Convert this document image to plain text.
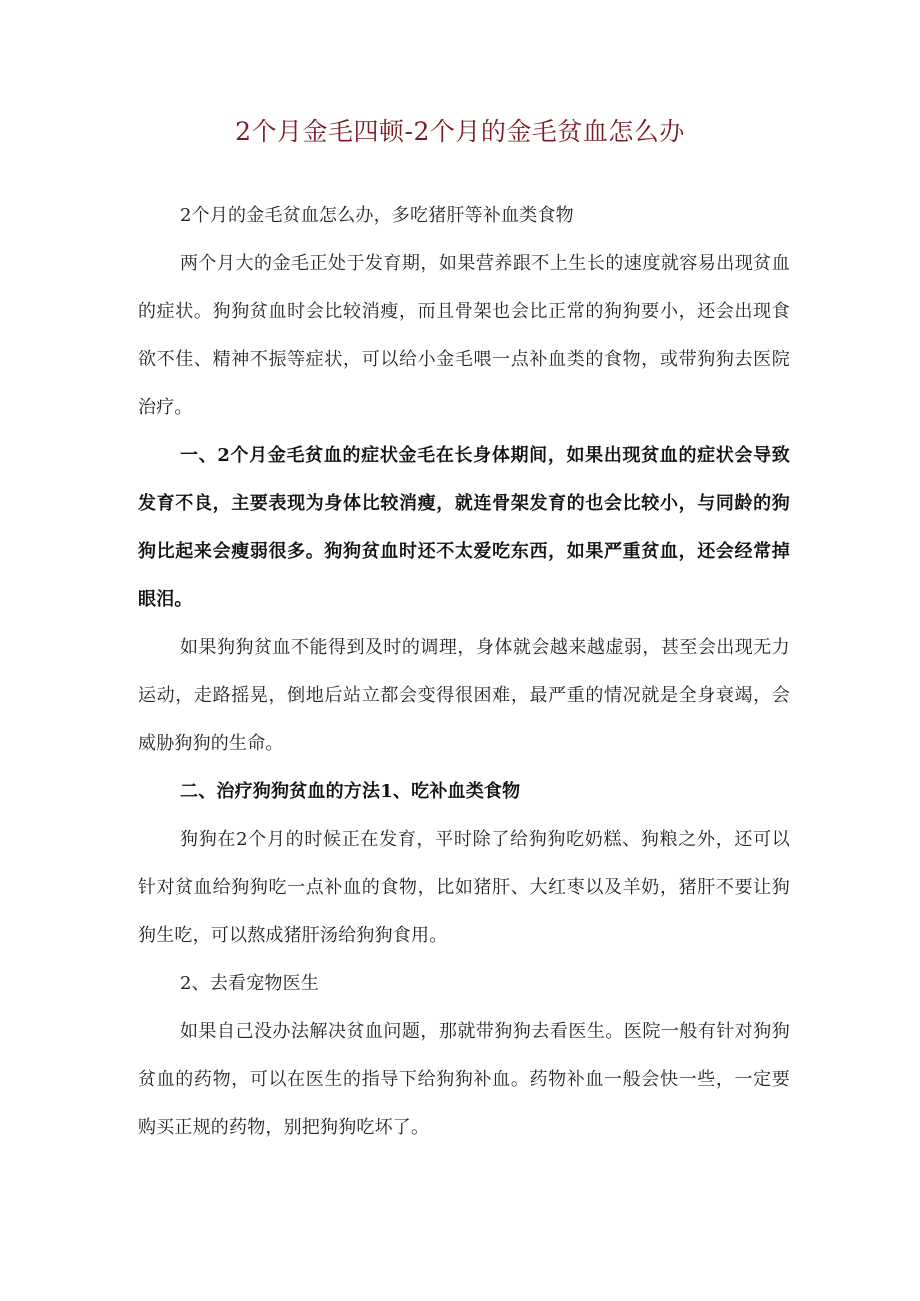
2个月金毛四顿-2个月的金毛贫血怎么办

2个月的金毛贫血怎么办，多吃猪肝等补血类食物

两个月大的金毛正处于发育期，如果营养跟不上生长的速度就容易出现贫血的症状。狗狗贫血时会比较消瘦，而且骨架也会比正常的狗狗要小，还会出现食欲不佳、精神不振等症状，可以给小金毛喂一点补血类的食物，或带狗狗去医院治疗。

一、2个月金毛贫血的症状金毛在长身体期间，如果出现贫血的症状会导致发育不良，主要表现为身体比较消瘦，就连骨架发育的也会比较小，与同龄的狗狗比起来会瘦弱很多。狗狗贫血时还不太爱吃东西，如果严重贫血，还会经常掉眼泪。

如果狗狗贫血不能得到及时的调理，身体就会越来越虚弱，甚至会出现无力运动，走路摇晃，倒地后站立都会变得很困难，最严重的情况就是全身衰竭，会威胁狗狗的生命。

二、治疗狗狗贫血的方法1、吃补血类食物

狗狗在2个月的时候正在发育，平时除了给狗狗吃奶糕、狗粮之外，还可以针对贫血给狗狗吃一点补血的食物，比如猪肝、大红枣以及羊奶，猪肝不要让狗狗生吃，可以熬成猪肝汤给狗狗食用。

2、去看宠物医生

如果自己没办法解决贫血问题，那就带狗狗去看医生。医院一般有针对狗狗贫血的药物，可以在医生的指导下给狗狗补血。药物补血一般会快一些，一定要购买正规的药物，别把狗狗吃坏了。
